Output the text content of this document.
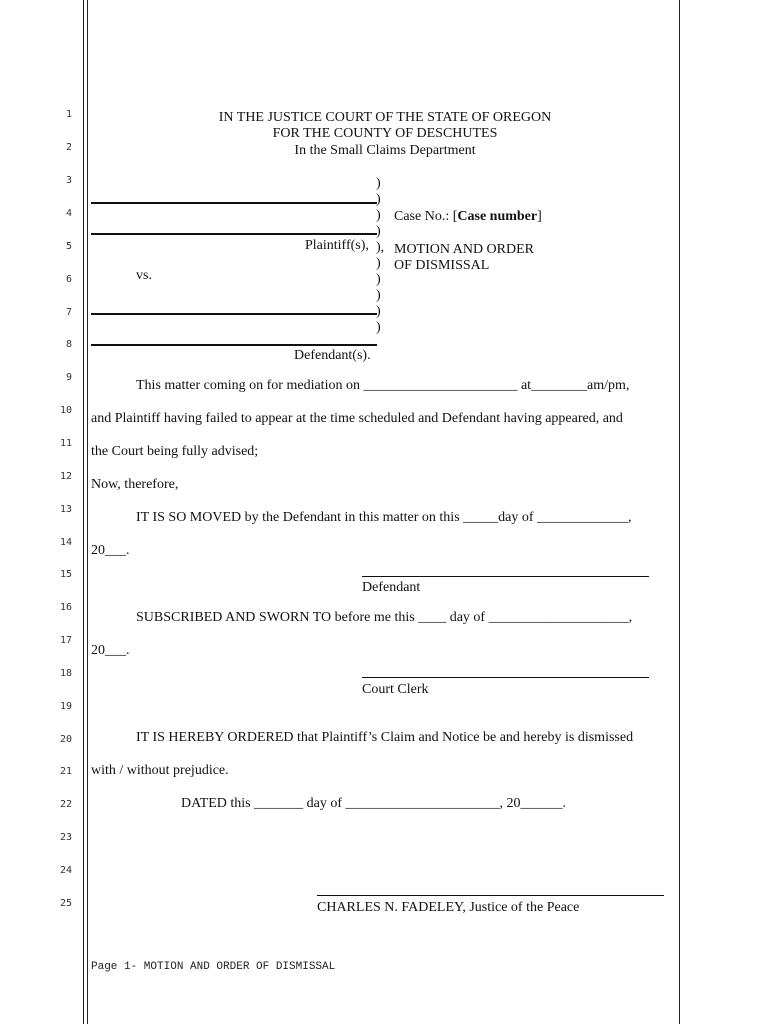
1
2
3
4
5
6
7
8
9
10
11
12
13
14
15
16
17
18
19
20
21
22
23
24
25
IN THE JUSTICE COURT OF THE STATE OF OREGON
FOR THE COUNTY OF DESCHUTES
In the Small Claims Department
)
)
)
)
),
)
)
)
)
)
Plaintiff(s),
vs.
Defendant(s).
Case No.: [Case number]
MOTION AND ORDER
OF DISMISSAL
This matter coming on for mediation on ______________________ at________am/pm,
and Plaintiff having failed to appear at the time scheduled and Defendant having appeared, and
the Court being fully advised;
Now, therefore,
IT IS SO MOVED by the Defendant in this matter on this _____day of _____________,
20___.
Defendant
SUBSCRIBED AND SWORN TO before me this ____ day of ____________________,
20___.
Court Clerk
IT IS HEREBY ORDERED that Plaintiff’s Claim and Notice be and hereby is dismissed
with / without prejudice.
DATED this _______ day of ______________________, 20______.
CHARLES N. FADELEY, Justice of the Peace
Page 1- MOTION AND ORDER OF DISMISSAL
